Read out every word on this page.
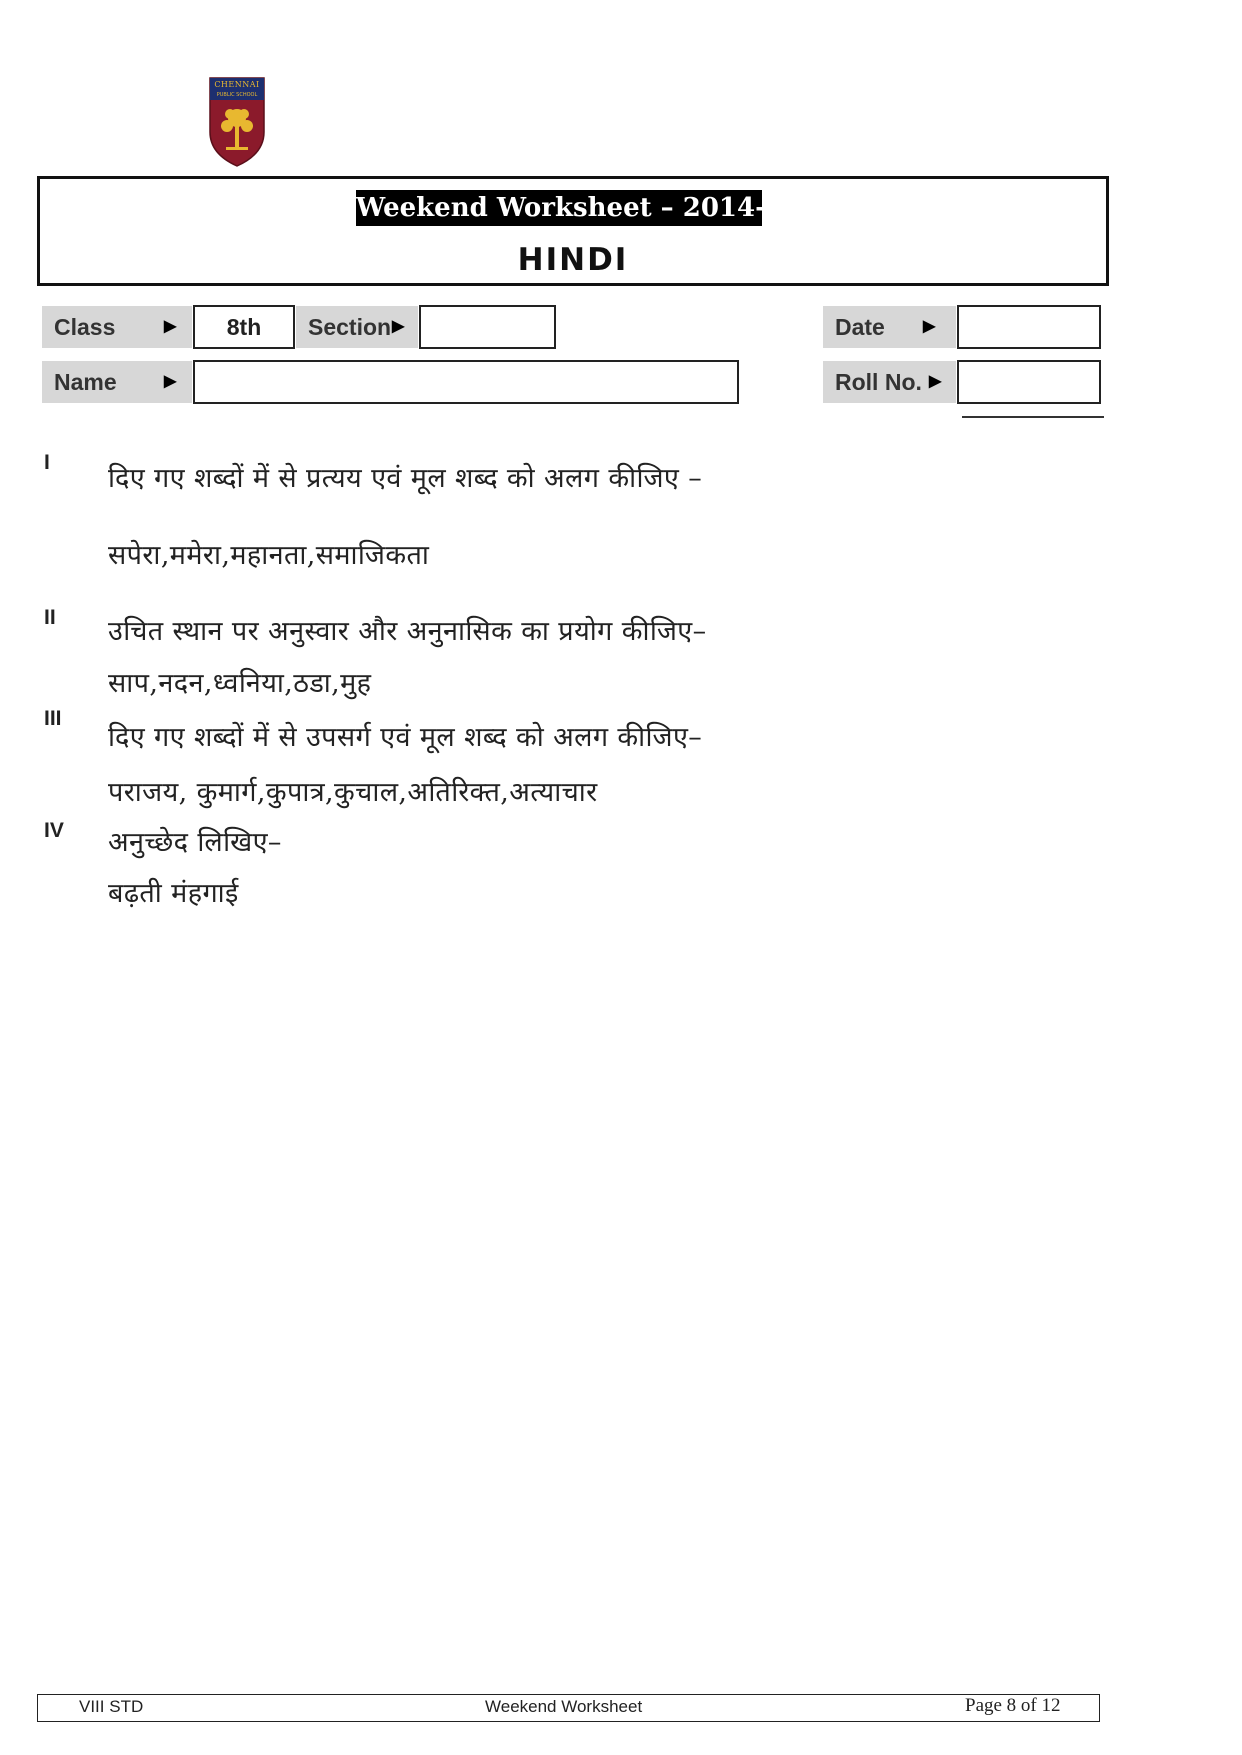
CHENNAI
PUBLIC SCHOOL
Weekend Worksheet – 2014-15
HINDI
Class	▶	8th	Section ▶	Date ▶
Name	▶	Roll No. ▶
I
दिए गए शब्दों में से प्रत्यय एवं मूल शब्द को अलग कीजिए –
सपेरा,ममेरा,महानता,समाजिकता
II उचित स्थान पर अनुस्वार और अनुनासिक का प्रयोग कीजिए–
साप,नदन,ध्वनिया,ठडा,मुह
III
दिए गए शब्दों में से उपसर्ग एवं मूल शब्द को अलग कीजिए–
पराजय, कुमार्ग,कुपात्र,कुचाल,अतिरिक्त,अत्याचार
IV अनुच्छेद लिखिए–
बढ़ती मंहगाई
VIII STD	Weekend Worksheet	Page 8 of 12
